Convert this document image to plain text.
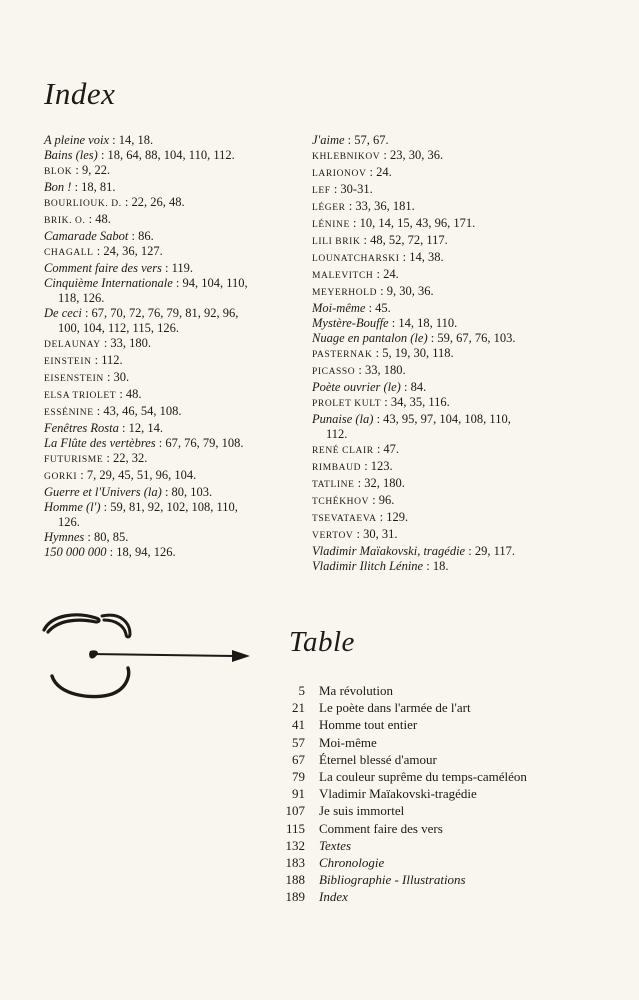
Index
A pleine voix : 14, 18.
Bains (les) : 18, 64, 88, 104, 110, 112.
BLOK : 9, 22.
Bon ! : 18, 81.
BOURLIOUK. D. : 22, 26, 48.
BRIK. O. : 48.
Camarade Sabot : 86.
CHAGALL : 24, 36, 127.
Comment faire des vers : 119.
Cinquième Internationale : 94, 104, 110,
118, 126.
De ceci : 67, 70, 72, 76, 79, 81, 92, 96,
100, 104, 112, 115, 126.
DELAUNAY : 33, 180.
EINSTEIN : 112.
EISENSTEIN : 30.
ELSA TRIOLET : 48.
ESSÉNINE : 43, 46, 54, 108.
Fenêtres Rosta : 12, 14.
La Flûte des vertèbres : 67, 76, 79, 108.
FUTURISME : 22, 32.
GORKI : 7, 29, 45, 51, 96, 104.
Guerre et l'Univers (la) : 80, 103.
Homme (l') : 59, 81, 92, 102, 108, 110,
126.
Hymnes : 80, 85.
150 000 000 : 18, 94, 126.
J'aime : 57, 67.
KHLEBNIKOV : 23, 30, 36.
LARIONOV : 24.
LEF : 30-31.
LÉGER : 33, 36, 181.
LÉNINE : 10, 14, 15, 43, 96, 171.
LILI BRIK : 48, 52, 72, 117.
LOUNATCHARSKI : 14, 38.
MALEVITCH : 24.
MEYERHOLD : 9, 30, 36.
Moi-même : 45.
Mystère-Bouffe : 14, 18, 110.
Nuage en pantalon (le) : 59, 67, 76, 103.
PASTERNAK : 5, 19, 30, 118.
PICASSO : 33, 180.
Poète ouvrier (le) : 84.
PROLET KULT : 34, 35, 116.
Punaise (la) : 43, 95, 97, 104, 108, 110,
112.
RENÉ CLAIR : 47.
RIMBAUD : 123.
TATLINE : 32, 180.
TCHÉKHOV : 96.
TSEVATAEVA : 129.
VERTOV : 30, 31.
Vladimir Maïakovski, tragédie : 29, 117.
Vladimir Ilitch Lénine : 18.
Table
5 Ma révolution
21 Le poète dans l'armée de l'art
41 Homme tout entier
57 Moi-même
67 Éternel blessé d'amour
79 La couleur suprême du temps-caméléon
91 Vladimir Maïakovski-tragédie
107 Je suis immortel
115 Comment faire des vers
132 Textes
183 Chronologie
188 Bibliographie - Illustrations
189 Index
